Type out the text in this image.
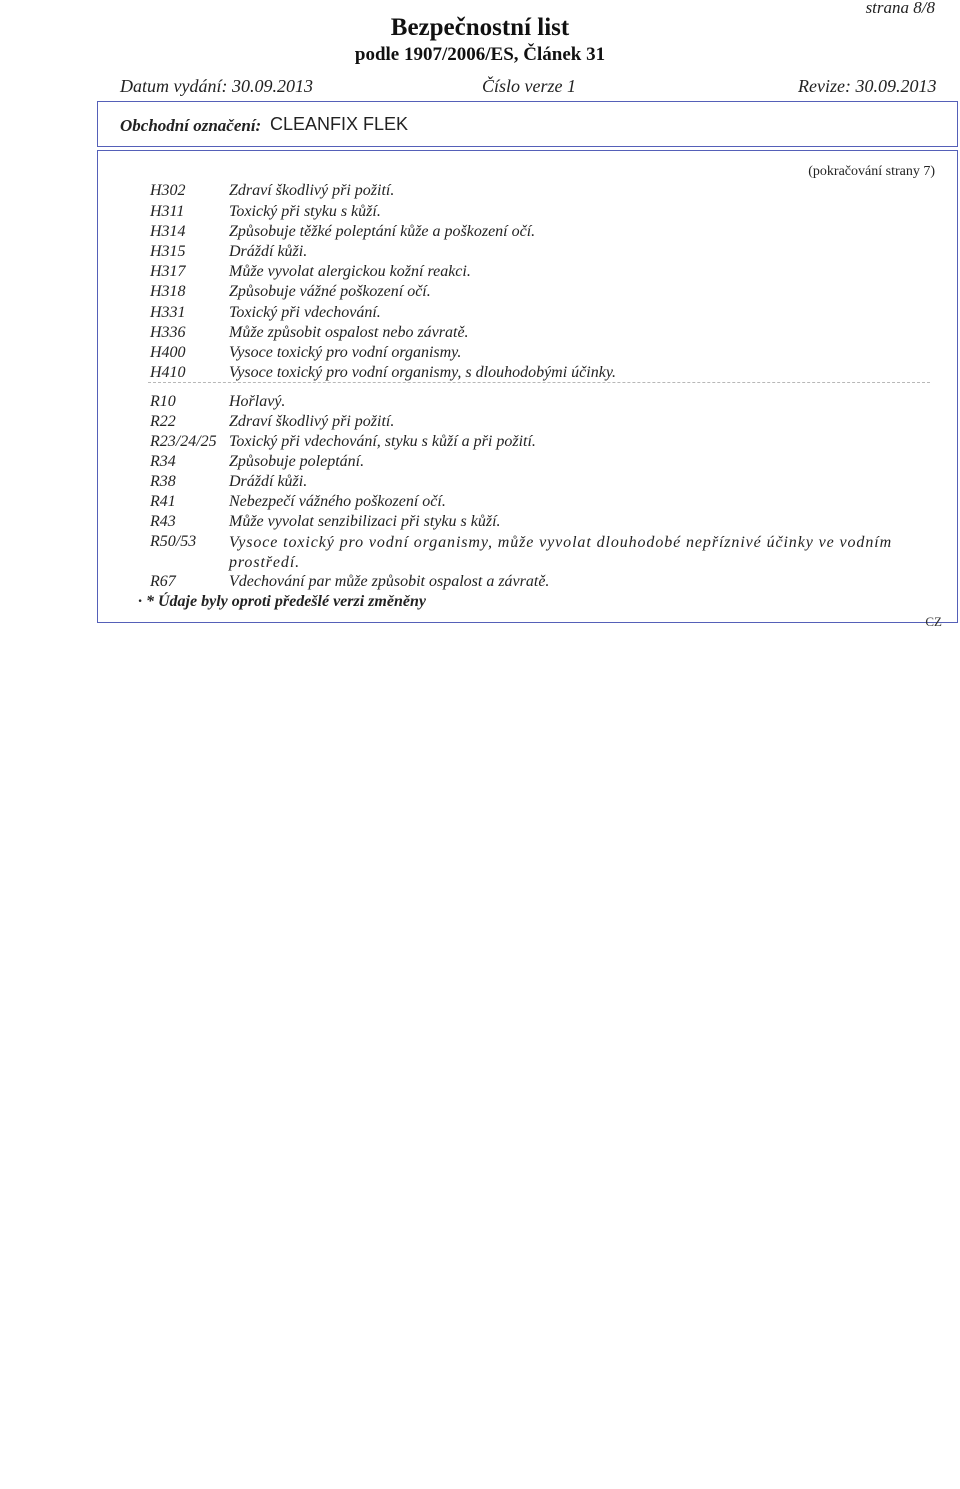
strana 8/8
Bezpečnostní list
podle 1907/2006/ES, Článek 31
Datum vydání: 30.09.2013	Číslo verze 1	Revize: 30.09.2013
Obchodní označení: CLEANFIX FLEK
(pokračování strany 7)
H302	Zdraví škodlivý při požití.
H311	Toxický při styku s kůží.
H314	Způsobuje těžké poleptání kůže a poškození očí.
H315	Dráždí kůži.
H317	Může vyvolat alergickou kožní reakci.
H318	Způsobuje vážné poškození očí.
H331	Toxický při vdechování.
H336	Může způsobit ospalost nebo závratě.
H400	Vysoce toxický pro vodní organismy.
H410	Vysoce toxický pro vodní organismy, s dlouhodobými účinky.
R10	Hořlavý.
R22	Zdraví škodlivý při požití.
R23/24/25 Toxický při vdechování, styku s kůží a při požití.
R34	Způsobuje poleptání.
R38	Dráždí kůži.
R41	Nebezpečí vážného poškození očí.
R43	Může vyvolat senzibilizaci při styku s kůží.
R50/53 Vysoce toxický pro vodní organismy, může vyvolat dlouhodobé nepříznivé účinky ve vodním prostředí.
R67	Vdechování par může způsobit ospalost a závratě.
· * Údaje byly oproti předešlé verzi změněny
CZ
